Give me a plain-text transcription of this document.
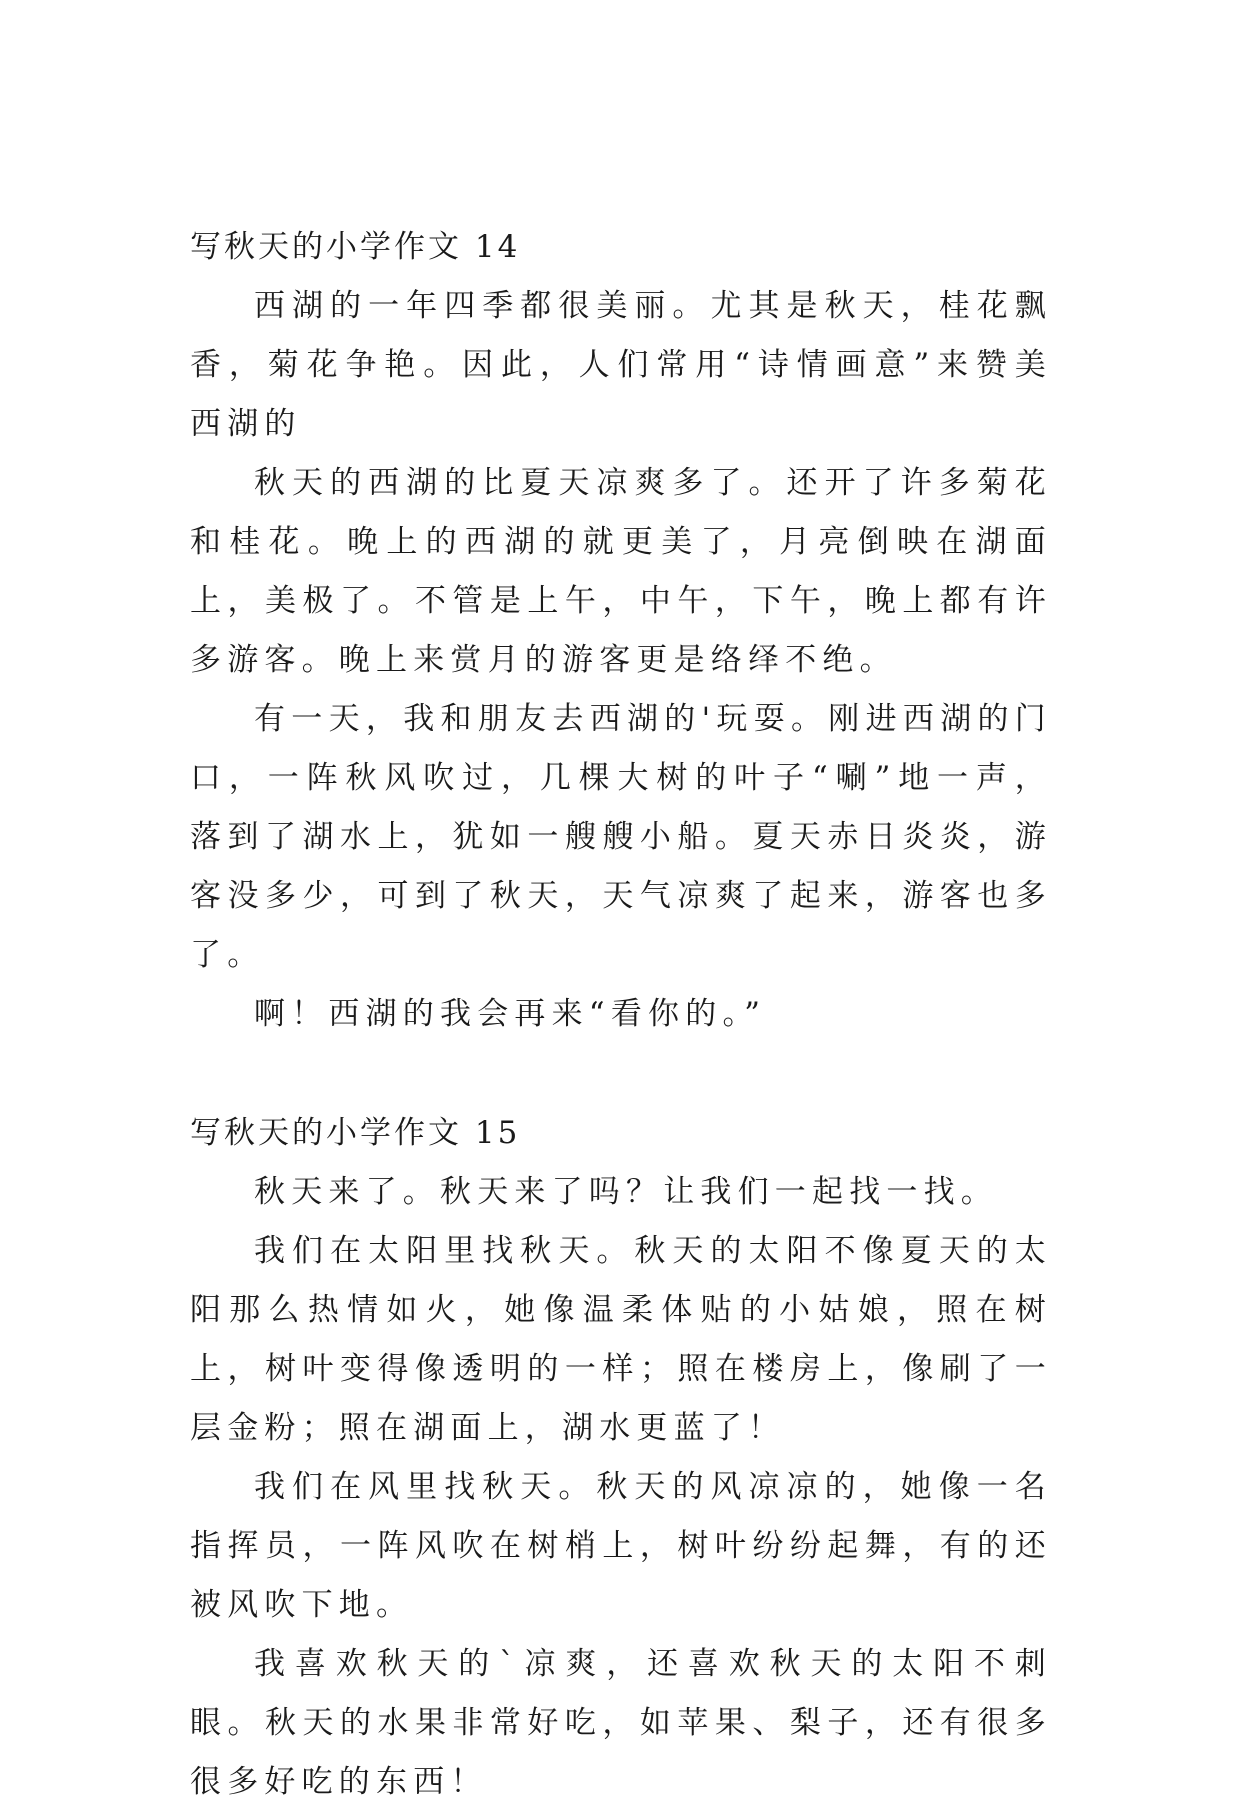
写秋天的小学作文 14

西湖的一年四季都很美丽。尤其是秋天，桂花飘香，菊花争艳。因此，人们常用“诗情画意”来赞美西湖的

秋天的西湖的比夏天凉爽多了。还开了许多菊花和桂花。晚上的西湖的就更美了，月亮倒映在湖面上，美极了。不管是上午，中午，下午，晚上都有许多游客。晚上来赏月的游客更是络绎不绝。

有一天，我和朋友去西湖的'玩耍。刚进西湖的门口，一阵秋风吹过，几棵大树的叶子“唰”地一声，落到了湖水上，犹如一艘艘小船。夏天赤日炎炎，游客没多少，可到了秋天，天气凉爽了起来，游客也多了。

啊！西湖的我会再来“看你的。”

写秋天的小学作文 15

秋天来了。秋天来了吗？让我们一起找一找。

我们在太阳里找秋天。秋天的太阳不像夏天的太阳那么热情如火，她像温柔体贴的小姑娘，照在树上，树叶变得像透明的一样；照在楼房上，像刷了一层金粉；照在湖面上，湖水更蓝了！

我们在风里找秋天。秋天的风凉凉的，她像一名指挥员，一阵风吹在树梢上，树叶纷纷起舞，有的还被风吹下地。

我喜欢秋天的`凉爽，还喜欢秋天的太阳不刺眼。秋天的水果非常好吃，如苹果、梨子，还有很多很多好吃的东西！
